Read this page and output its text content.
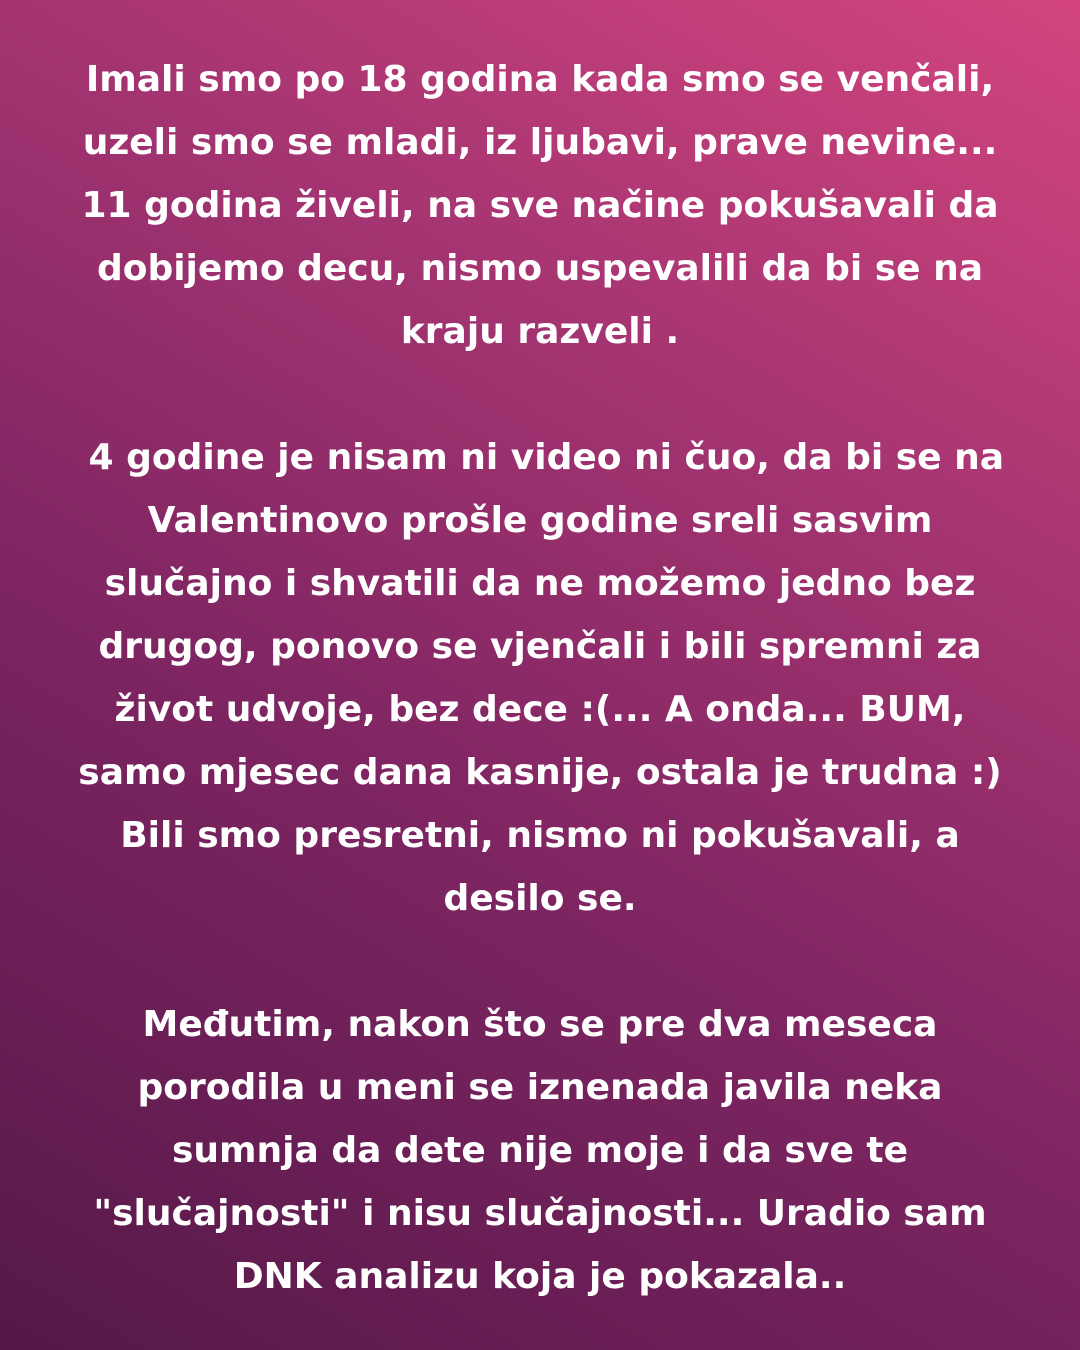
Imali smo po 18 godina kada smo se venčali,
uzeli smo se mladi, iz ljubavi, prave nevine...
11 godina živeli, na sve načine pokušavali da
dobijemo decu, nismo uspevalili da bi se na
kraju razveli .

4 godine je nisam ni video ni čuo, da bi se na
Valentinovo prošle godine sreli sasvim
slučajno i shvatili da ne možemo jedno bez
drugog, ponovo se vjenčali i bili spremni za
život udvoje, bez dece :(... A onda... BUM,
samo mjesec dana kasnije, ostala je trudna :)
Bili smo presretni, nismo ni pokušavali, a
desilo se.

Međutim, nakon što se pre dva meseca
porodila u meni se iznenada javila neka
sumnja da dete nije moje i da sve te
"slučajnosti" i nisu slučajnosti... Uradio sam
DNK analizu koja je pokazala..
